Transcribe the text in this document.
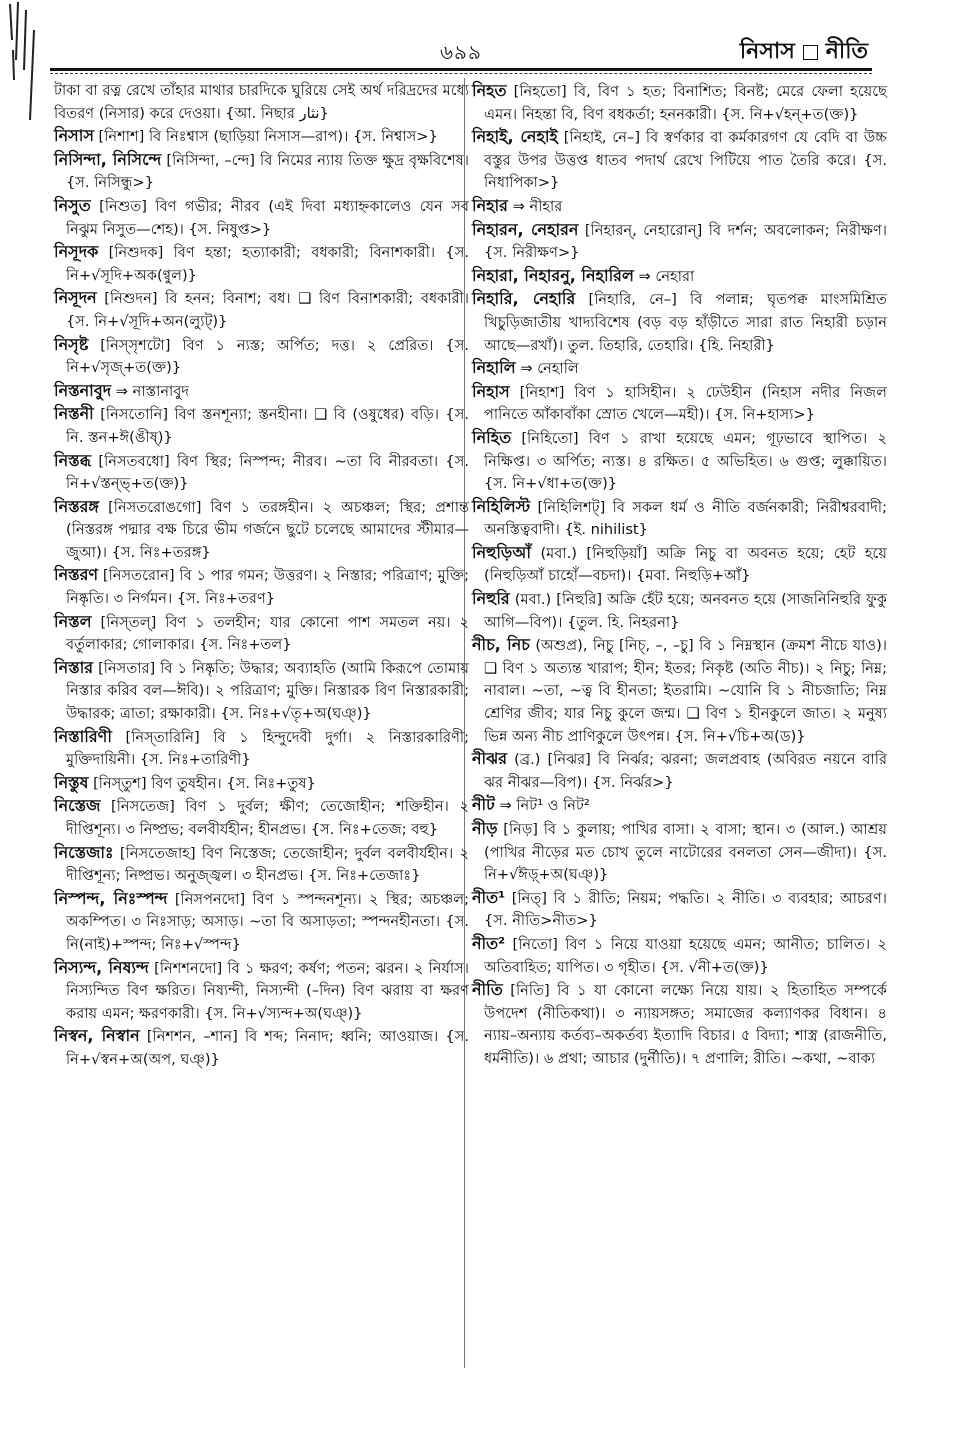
৬৯৯	নিসাস নীতি

টাকা বা রত্ন রেখে তাঁহার মাথার চারদিকে ঘুরিয়ে সেই অর্থ দরিদ্রদের মধ্যে বিতরণ (নিসার) করে দেওয়া। {আ. নিছার نثار}

নিসাস [নিশাশ] বি নিঃশ্বাস (ছাড়িয়া নিসাস—রাপ)। {স. নিশ্বাস>}

নিসিন্দা, নিসিন্দে [নিসিন্দা, –ন্দে] বি নিমের ন্যায় তিক্ত ক্ষুদ্র বৃক্ষবিশেষ। {স. নিসিন্ধু>}

নিসুত [নিশুত] বিণ গভীর; নীরব (এই দিবা মধ্যাহ্নকালেও যেন সব নিঝুম নিসুত—শেহ)। {স. নিষুপ্ত>}

নিসূদক [নিশুদক] বিণ হন্তা; হত্যাকারী; বধকারী; বিনাশকারী। {স. নি+√সূদি+অক(ণ্বুল)}

নিসূদন [নিশুদন] বি হনন; বিনাশ; বধ। ❑ বিণ বিনাশকারী; বধকারী। {স. নি+√সূদি+অন(ল্যুট্)}

নিসৃষ্ট [নিস্‌সৃশটো] বিণ ১ ন্যস্ত; অর্পিত; দত্ত। ২ প্রেরিত। {স. নি+√সৃজ্+ত(ক্ত)}

নিস্তনাবুদ ⇒ নাস্তানাবুদ

নিস্তনী [নিসতোনি] বিণ স্তনশূন্যা; স্তনহীনা। ❑ বি (ওষুধের) বড়ি। {স. নি. স্তন+ঈ(ঙীষ্)}

নিস্তব্ধ [নিসতবধো] বিণ স্থির; নিস্পন্দ; নীরব। ~তা বি নীরবতা। {স. নি+√স্তন্ভ্+ত(ক্ত)}

নিস্তরঙ্গ [নিসতরোঙগো] বিণ ১ তরঙ্গহীন। ২ অচঞ্চল; স্থির; প্রশান্ত (নিস্তরঙ্গ পদ্মার বক্ষ চিরে ভীম গর্জনে ছুটে চলেছে আমাদের স্টীমার—জুআ)। {স. নিঃ+তরঙ্গ}

নিস্তরণ [নিসতরোন] বি ১ পার গমন; উত্তরণ। ২ নিস্তার; পরিত্রাণ; মুক্তি; নিষ্কৃতি। ৩ নির্গমন। {স. নিঃ+তরণ}

নিস্তল [নিস্‌তল্] বিণ ১ তলহীন; যার কোনো পাশ সমতল নয়। ২ বর্তুলাকার; গোলাকার। {স. নিঃ+তল}

নিস্তার [নিসতার] বি ১ নিষ্কৃতি; উদ্ধার; অব্যাহতি (আমি কিরূপে তোমায় নিস্তার করিব বল—ঈবি)। ২ পরিত্রাণ; মুক্তি। নিস্তারক বিণ নিস্তারকারী; উদ্ধারক; ত্রাতা; রক্ষাকারী। {স. নিঃ+√তৃ+অ(ঘঞ্)}

নিস্তারিণী [নিস্‌তারিনি] বি ১ হিন্দুদেবী দুর্গা। ২ নিস্তারকারিণী; মুক্তিদায়িনী। {স. নিঃ+তারিণী}

নিস্তুষ [নিস্‌তুশ] বিণ তুষহীন। {স. নিঃ+তুষ}

নিস্তেজ [নিসতেজ] বিণ ১ দুর্বল; ক্ষীণ; তেজোহীন; শক্তিহীন। ২ দীপ্তিশূন্য। ৩ নিষ্প্রভ; বলবীর্যহীন; হীনপ্রভ। {স. নিঃ+তেজ; বহু}

নিস্তেজাঃ [নিসতেজাহ] বিণ নিস্তেজ; তেজোহীন; দুর্বল বলবীর্যহীন। ২ দীপ্তিশূন্য; নিষ্প্রভ। অনুজ্জ্বল। ৩ হীনপ্রভ। {স. নিঃ+তেজাঃ}

নিস্পন্দ, নিঃস্পন্দ [নিসপনদো] বিণ ১ স্পন্দনশূন্য। ২ স্থির; অচঞ্চল; অকম্পিত। ৩ নিঃসাড়; অসাড়। ~তা বি অসাড়তা; স্পন্দনহীনতা। {স. নি(নাই)+স্পন্দ; নিঃ+√স্পন্দ}

নিস্যন্দ, নিষ্যন্দ [নিশশনদো] বি ১ ক্ষরণ; কর্ষণ; পতন; ঝরন। ২ নির্যাস। নিস্যন্দিত বিণ ক্ষরিত। নিষ্যন্দী, নিস্যন্দী (–দিন) বিণ ঝরায় বা ক্ষরণ করায় এমন; ক্ষরণকারী। {স. নি+√স্যন্দ+অ(ঘঞ্)}

নিস্বন, নিস্বান [নিশশন, –শান] বি শব্দ; নিনাদ; ধ্বনি; আওয়াজ। {স. নি+√স্বন+অ(অপ, ঘঞ্)}

নিহত [নিহতো] বি, বিণ ১ হত; বিনাশিত; বিনষ্ট; মেরে ফেলা হয়েছে এমন। নিহন্তা বি, বিণ বধকর্তা; হননকারী। {স. নি+√হন্+ত(ক্ত)}

নিহাই, নেহাই [নিহাই, নে–] বি স্বর্ণকার বা কর্মকারগণ যে বেদি বা উচ্চ বস্তুর উপর উত্তপ্ত ধাতব পদার্থ রেখে পিটিয়ে পাত তৈরি করে। {স. নিধাপিকা>}

নিহার ⇒ নীহার

নিহারন, নেহারন [নিহারন্, নেহারোন্] বি দর্শন; অবলোকন; নিরীক্ষণ। {স. নিরীক্ষণ>}

নিহারা, নিহারনু, নিহারিল ⇒ নেহারা

নিহারি, নেহারি [নিহারি, নে–] বি পলান্ন; ঘৃতপক্ব মাংসমিশ্রিত খিচুড়িজাতীয় খাদ্যবিশেষ (বড় বড় হাঁড়ীতে সারা রাত নিহারী চড়ান আছে—রখাঁ)। তুল. তিহারি, তেহারি। {হি. নিহারী}

নিহালি ⇒ নেহালি

নিহাস [নিহাশ] বিণ ১ হাসিহীন। ২ ঢেউহীন (নিহাস নদীর নিজল পানিতে আঁকাবাঁকা স্রোত খেলে—মহী)। {স. নি+হাস্য>}

নিহিত [নিহিতো] বিণ ১ রাখা হয়েছে এমন; গূঢ়ভাবে স্থাপিত। ২ নিক্ষিপ্ত। ৩ অর্পিত; ন্যস্ত। ৪ রক্ষিত। ৫ অভিহিত। ৬ গুপ্ত; লুক্কায়িত। {স. নি+√ধা+ত(ক্ত)}

নিহিলিস্ট [নিহিলিশট্] বি সকল ধর্ম ও নীতি বর্জনকারী; নিরীশ্বরবাদী; অনস্তিত্ববাদী। {ই. nihilist}

নিহুড়িআঁ (মবা.) [নিহুড়িয়াঁ] অক্রি নিচু বা অবনত হয়ে; হেট হয়ে (নিহুড়িআঁ চাহোঁ—বচদা)। {মবা. নিহুড়ি+আঁ}

নিহুরি (মবা.) [নিহুরি] অক্রি হেঁট হয়ে; অনবনত হয়ে (সাজনিনিহুরি ফুকু আগি—বিপ)। {তুল. হি. নিহরনা}

নীচ, নিচ (অশুপ্র), নিচু [নিচ্, –, –চু] বি ১ নিম্নস্থান (ক্রমশ নীচে যাও)। ❑ বিণ ১ অত্যন্ত খারাপ; হীন; ইতর; নিকৃষ্ট (অতি নীচ)। ২ নিচু; নিম্ন; নাবাল। ~তা, ~ত্ব বি হীনতা; ইতরামি। ~যোনি বি ১ নীচজাতি; নিম্ন শ্রেণির জীব; যার নিচু কুলে জন্ম। ❑ বিণ ১ হীনকুলে জাত। ২ মনুষ্য ভিন্ন অন্য নীচ প্রাণিকুলে উৎপন্ন। {স. নি+√চি+অ(ড)}

নীঝর (ব্র.) [নিঝর] বি নির্ঝর; ঝরনা; জলপ্রবাহ (অবিরত নয়নে বারি ঝর নীঝর—বিপ)। {স. নির্ঝর>}

নীট ⇒ নিট¹ ও নিট²

নীড় [নিড়] বি ১ কুলায়; পাখির বাসা। ২ বাসা; স্থান। ৩ (আল.) আশ্রয় (পাখির নীড়ের মত চোখ তুলে নাটোরের বনলতা সেন—জীদা)। {স. নি+√ঈড়্+অ(ঘঞ্)}

নীত¹ [নিত্] বি ১ রীতি; নিয়ম; পদ্ধতি। ২ নীতি। ৩ ব্যবহার; আচরণ। {স. নীতি>নীত>}

নীত² [নিতো] বিণ ১ নিয়ে যাওয়া হয়েছে এমন; আনীত; চালিত। ২ অতিবাহিত; যাপিত। ৩ গৃহীত। {স. √নী+ত(ক্ত)}

নীতি [নিতি] বি ১ যা কোনো লক্ষ্যে নিয়ে যায়। ২ হিতাহিত সম্পর্কে উপদেশ (নীতিকথা)। ৩ ন্যায়সঙ্গত; সমাজের কল্যাণকর বিধান। ৪ ন্যায়–অন্যায় কর্তব্য–অকর্তব্য ইত্যাদি বিচার। ৫ বিদ্যা; শাস্ত্র (রাজনীতি, ধর্মনীতি)। ৬ প্রথা; আচার (দুর্নীতি)। ৭ প্রণালি; রীতি। ~কথা, ~বাক্য
